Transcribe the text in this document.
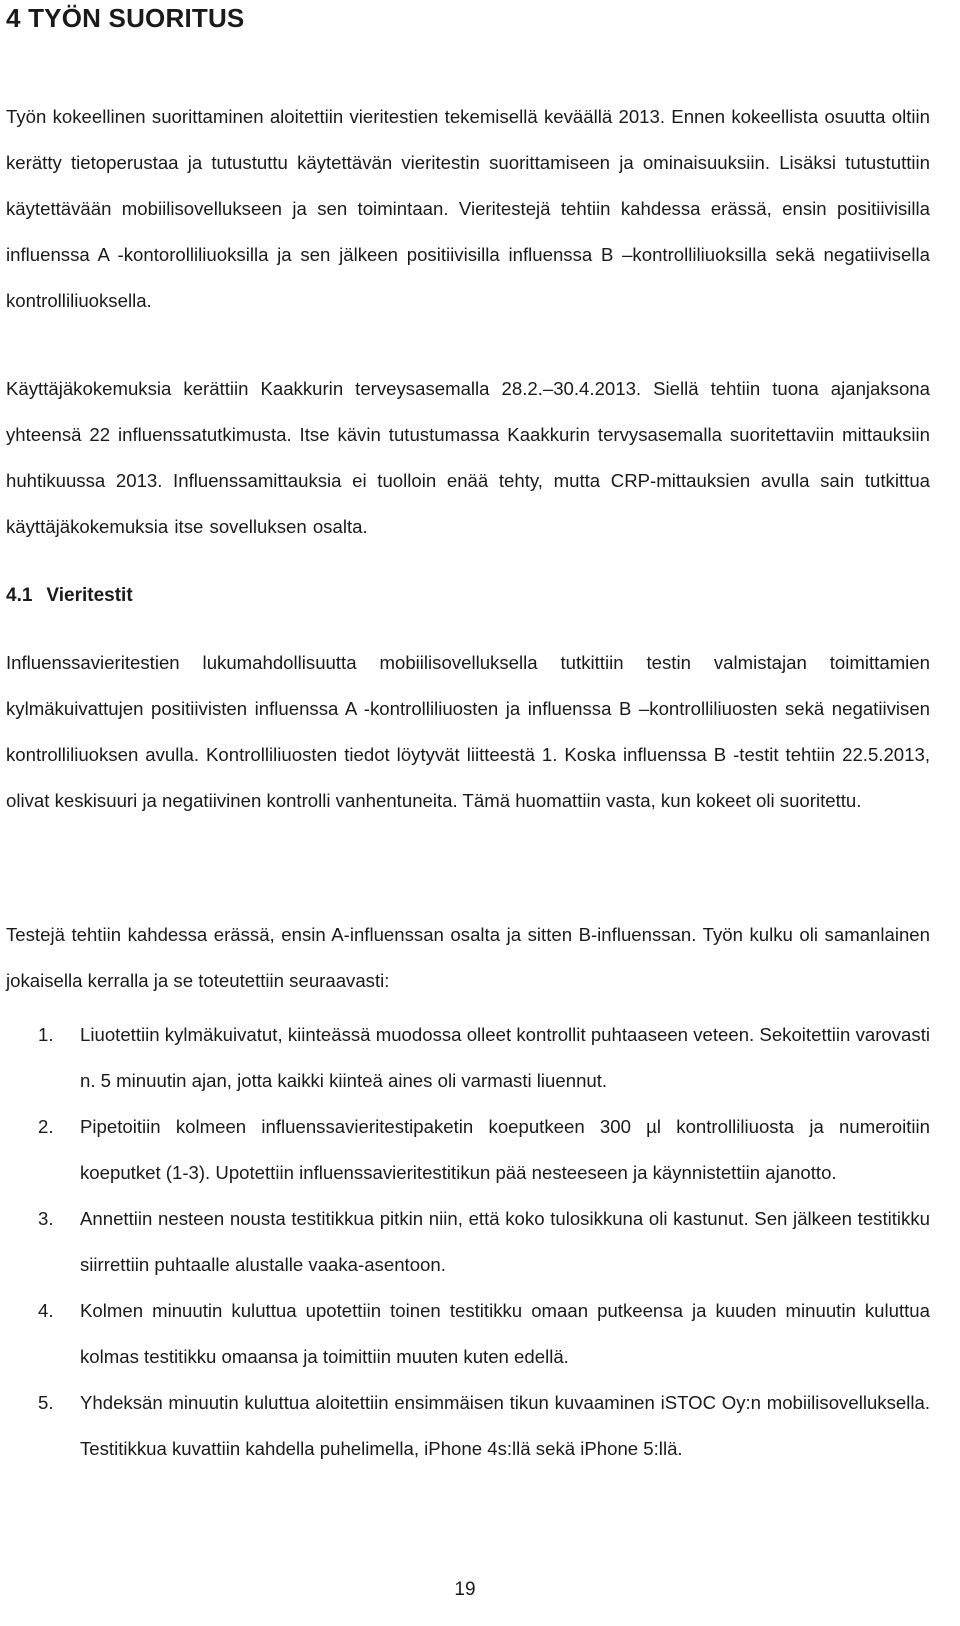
4 TYÖN SUORITUS

Työn kokeellinen suorittaminen aloitettiin vieritestien tekemisellä keväällä 2013. Ennen kokeellista osuutta oltiin kerätty tietoperustaa ja tutustuttu käytettävän vieritestin suorittamiseen ja ominaisuuksiin. Lisäksi tutustuttiin käytettävään mobiilisovellukseen ja sen toimintaan. Vieritestejä tehtiin kahdessa erässä, ensin positiivisilla influenssa A -kontorolliliuoksilla ja sen jälkeen positiivisilla influenssa B –kontrolliliuoksilla sekä negatiivisella kontrolliliuoksella.

Käyttäjäkokemuksia kerättiin Kaakkurin terveysasemalla 28.2.–30.4.2013. Siellä tehtiin tuona ajanjaksona yhteensä 22 influenssatutkimusta. Itse kävin tutustumassa Kaakkurin tervysasemalla suoritettaviin mittauksiin huhtikuussa 2013. Influenssamittauksia ei tuolloin enää tehty, mutta CRP-mittauksien avulla sain tutkittua käyttäjäkokemuksia itse sovelluksen osalta.

4.1 Vieritestit

Influenssavieritestien lukumahdollisuutta mobiilisovelluksella tutkittiin testin valmistajan toimittamien kylmäkuivattujen positiivisten influenssa A -kontrolliliuosten ja influenssa B –kontrolliliuosten sekä negatiivisen kontrolliliuoksen avulla. Kontrolliliuosten tiedot löytyvät liitteestä 1. Koska influenssa B -testit tehtiin 22.5.2013, olivat keskisuuri ja negatiivinen kontrolli vanhentuneita. Tämä huomattiin vasta, kun kokeet oli suoritettu.

Testejä tehtiin kahdessa erässä, ensin A-influenssan osalta ja sitten B-influenssan. Työn kulku oli samanlainen jokaisella kerralla ja se toteutettiin seuraavasti:

1. Liuotettiin kylmäkuivatut, kiinteässä muodossa olleet kontrollit puhtaaseen veteen. Sekoitettiin varovasti n. 5 minuutin ajan, jotta kaikki kiinteä aines oli varmasti liuennut.
2. Pipetoitiin kolmeen influenssavieritestipaketin koeputkeen 300 µl kontrolliliuosta ja numeroitiin koeputket (1-3). Upotettiin influenssavieritestitikun pää nesteeseen ja käynnistettiin ajanotto.
3. Annettiin nesteen nousta testitikkua pitkin niin, että koko tulosikkuna oli kastunut. Sen jälkeen testitikku siirrettiin puhtaalle alustalle vaaka-asentoon.
4. Kolmen minuutin kuluttua upotettiin toinen testitikku omaan putkeensa ja kuuden minuutin kuluttua kolmas testitikku omaansa ja toimittiin muuten kuten edellä.
5. Yhdeksän minuutin kuluttua aloitettiin ensimmäisen tikun kuvaaminen iSTOC Oy:n mobiilisovelluksella. Testitikkua kuvattiin kahdella puhelimella, iPhone 4s:llä sekä iPhone 5:llä.
19
